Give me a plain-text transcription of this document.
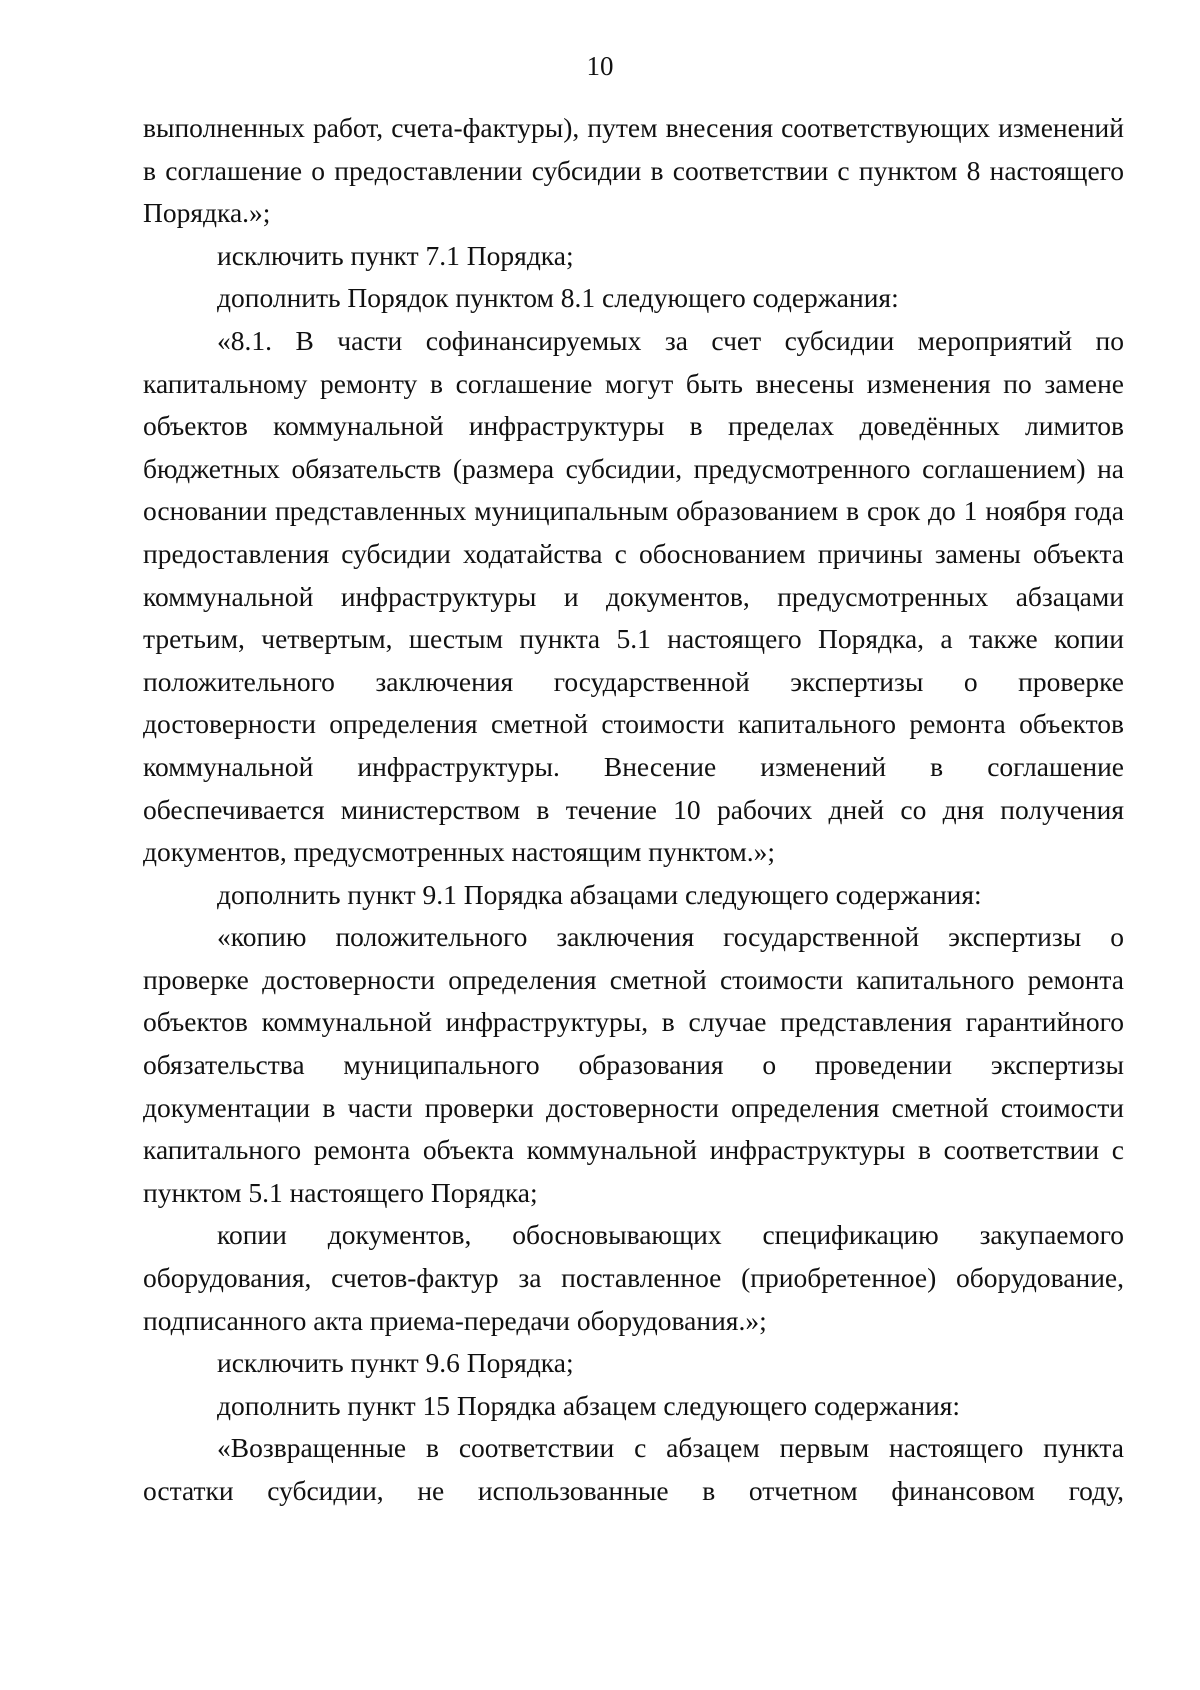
10

выполненных работ, счета-фактуры), путем внесения соответствующих изменений в соглашение о предоставлении субсидии в соответствии с пунктом 8 настоящего Порядка.»;

исключить пункт 7.1 Порядка;

дополнить Порядок пунктом 8.1 следующего содержания:

«8.1. В части софинансируемых за счет субсидии мероприятий по капитальному ремонту в соглашение могут быть внесены изменения по замене объектов коммунальной инфраструктуры в пределах доведённых лимитов бюджетных обязательств (размера субсидии, предусмотренного соглашением) на основании представленных муниципальным образованием в срок до 1 ноября года предоставления субсидии ходатайства с обоснованием причины замены объекта коммунальной инфраструктуры и документов, предусмотренных абзацами третьим, четвертым, шестым пункта 5.1 настоящего Порядка, а также копии положительного заключения государственной экспертизы о проверке достоверности определения сметной стоимости капитального ремонта объектов коммунальной инфраструктуры. Внесение изменений в соглашение обеспечивается министерством в течение 10 рабочих дней со дня получения документов, предусмотренных настоящим пунктом.»;

дополнить пункт 9.1 Порядка абзацами следующего содержания:

«копию положительного заключения государственной экспертизы о проверке достоверности определения сметной стоимости капитального ремонта объектов коммунальной инфраструктуры, в случае представления гарантийного обязательства муниципального образования о проведении экспертизы документации в части проверки достоверности определения сметной стоимости капитального ремонта объекта коммунальной инфраструктуры в соответствии с пунктом 5.1 настоящего Порядка;

копии документов, обосновывающих спецификацию закупаемого оборудования, счетов-фактур за поставленное (приобретенное) оборудование, подписанного акта приема-передачи оборудования.»;

исключить пункт 9.6 Порядка;

дополнить пункт 15 Порядка абзацем следующего содержания:

«Возвращенные в соответствии с абзацем первым настоящего пункта остатки субсидии, не использованные в отчетном финансовом году,
